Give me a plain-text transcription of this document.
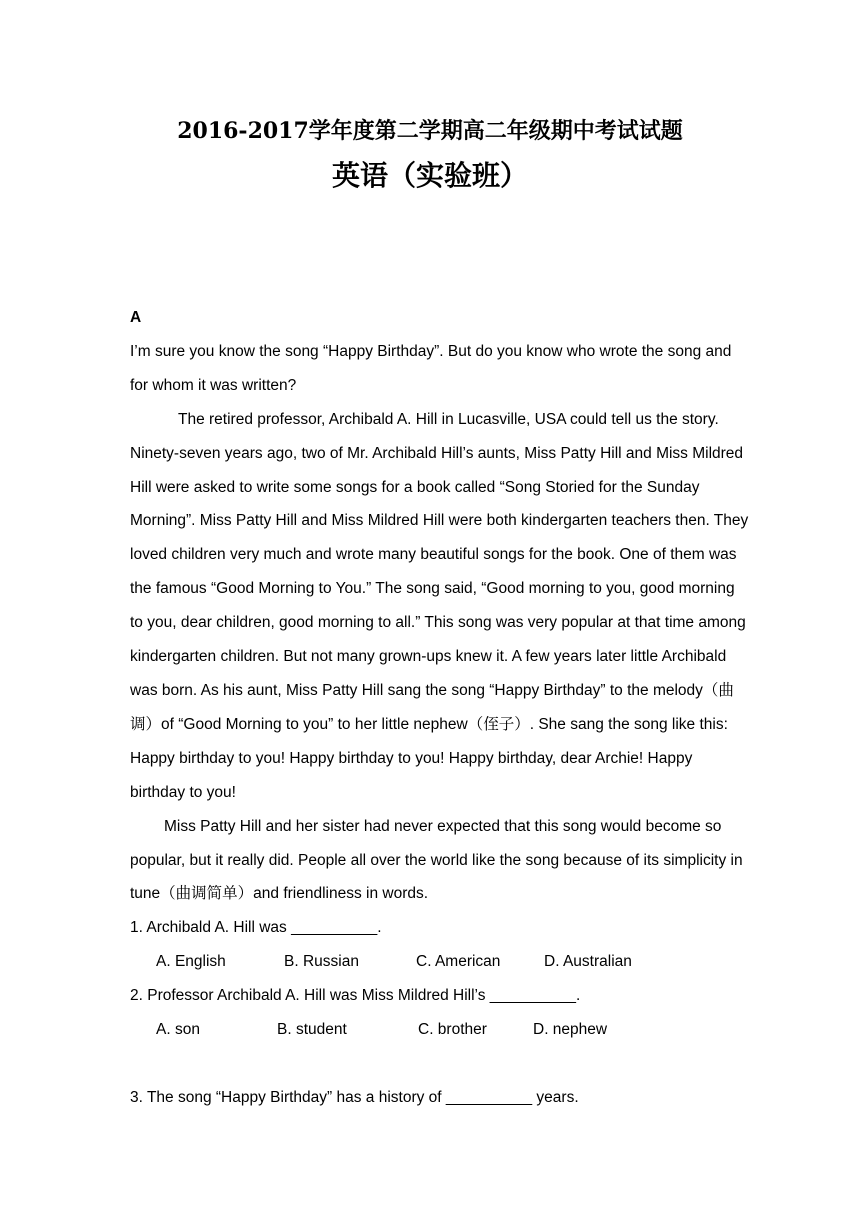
2016-2017学年度第二学期高二年级期中考试试题
英语（实验班）

A

I’m sure you know the song “Happy Birthday”. But do you know who wrote the song and for whom it was written?

The retired professor, Archibald A. Hill in Lucasville, USA could tell us the story. Ninety-seven years ago, two of Mr. Archibald Hill’s aunts, Miss Patty Hill and Miss Mildred Hill were asked to write some songs for a book called “Song Storied for the Sunday Morning”. Miss Patty Hill and Miss Mildred Hill were both kindergarten teachers then. They loved children very much and wrote many beautiful songs for the book. One of them was the famous “Good Morning to You.” The song said, “Good morning to you, good morning to you, dear children, good morning to all.” This song was very popular at that time among kindergarten children. But not many grown-ups knew it. A few years later little Archibald was born. As his aunt, Miss Patty Hill sang the song “Happy Birthday” to the melody（曲调）of “Good Morning to you” to her little nephew（侄子）. She sang the song like this: Happy birthday to you! Happy birthday to you! Happy birthday, dear Archie! Happy birthday to you!

Miss Patty Hill and her sister had never expected that this song would become so popular, but it really did. People all over the world like the song because of its simplicity in tune（曲调简单）and friendliness in words.

1. Archibald A. Hill was __________.

A. English	B. Russian	C. American	D. Australian

2. Professor Archibald A. Hill was Miss Mildred Hill’s __________.

A. son	B. student	C. brother	D. nephew

3. The song “Happy Birthday” has a history of __________ years.
